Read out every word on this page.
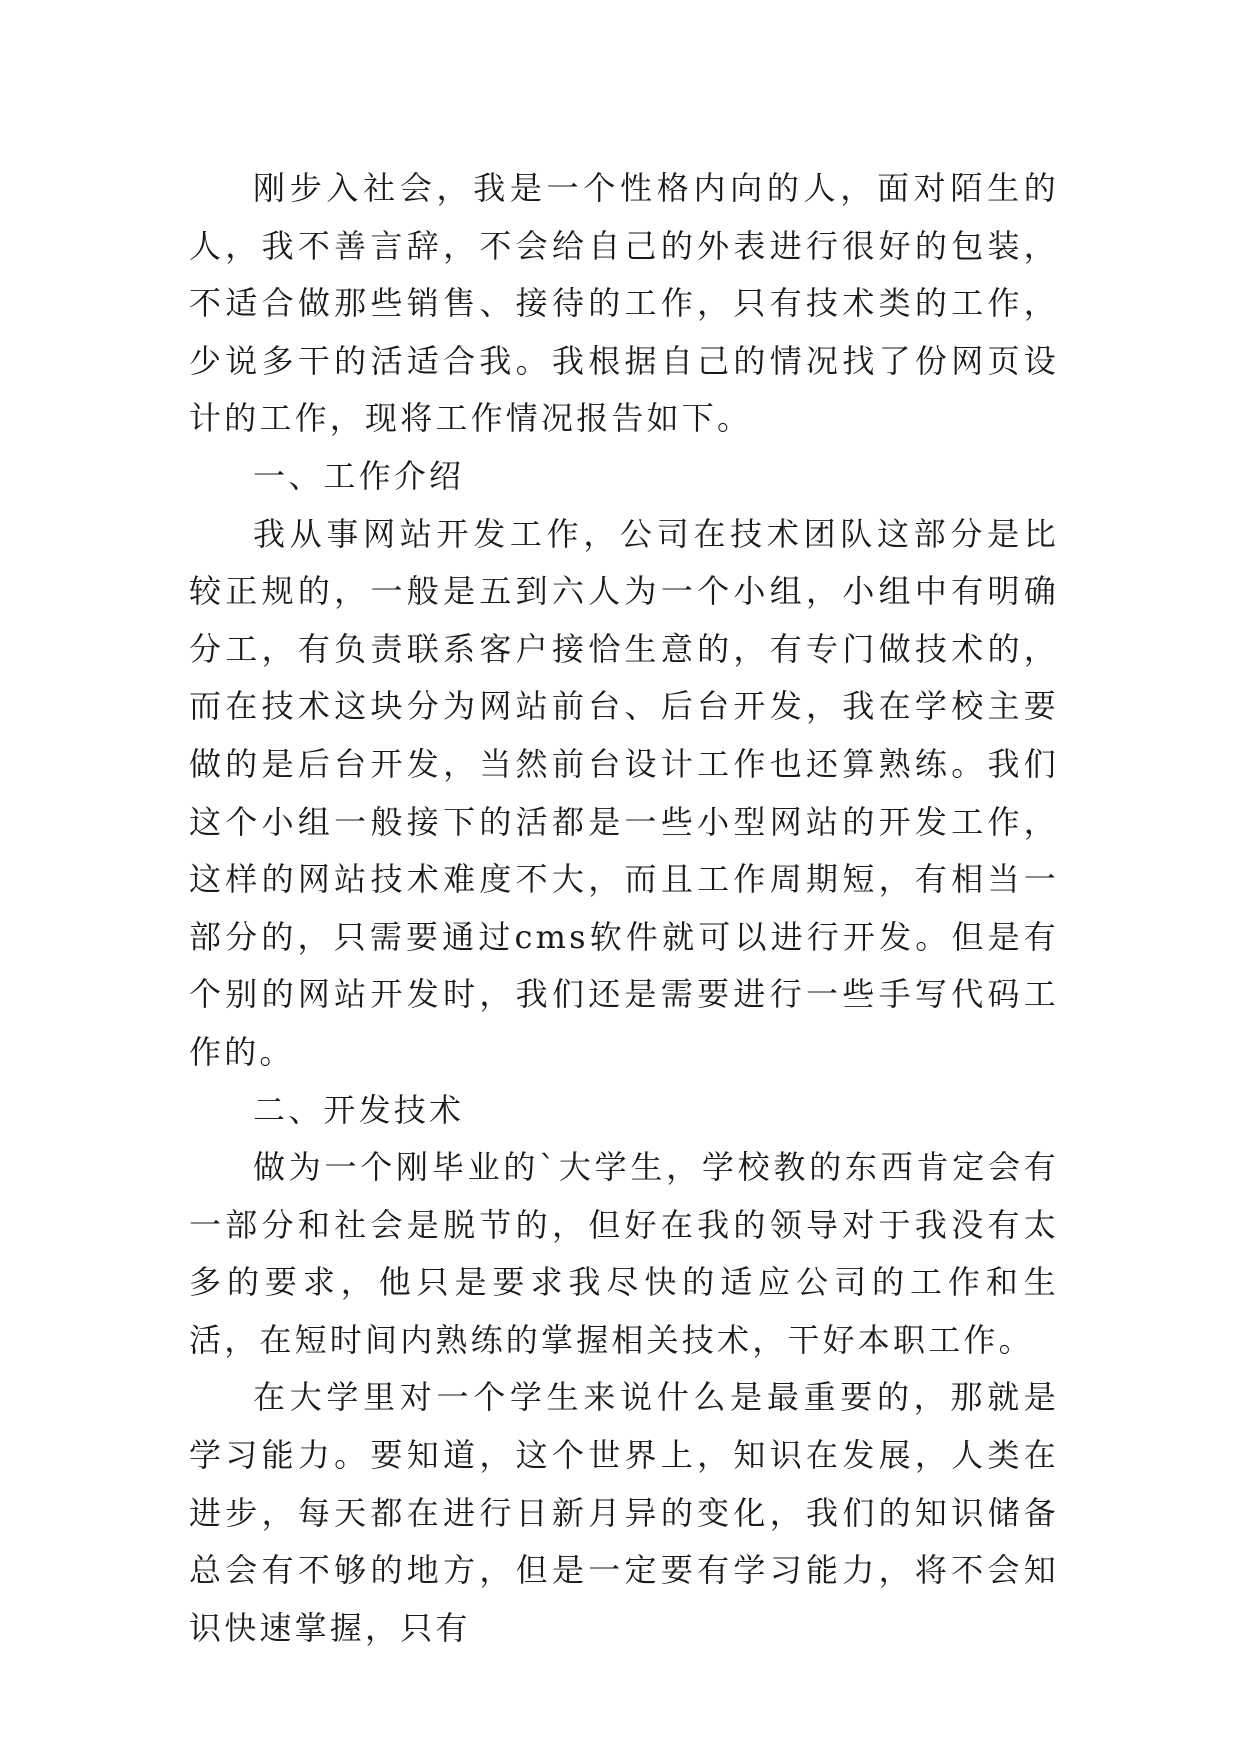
刚步入社会，我是一个性格内向的人，面对陌生的人，我不善言辞，不会给自己的外表进行很好的包装，不适合做那些销售、接待的工作，只有技术类的工作，少说多干的活适合我。我根据自己的情况找了份网页设计的工作，现将工作情况报告如下。

一、工作介绍

我从事网站开发工作，公司在技术团队这部分是比较正规的，一般是五到六人为一个小组，小组中有明确分工，有负责联系客户接恰生意的，有专门做技术的，而在技术这块分为网站前台、后台开发，我在学校主要做的是后台开发，当然前台设计工作也还算熟练。我们这个小组一般接下的活都是一些小型网站的开发工作，这样的网站技术难度不大，而且工作周期短，有相当一部分的，只需要通过cms软件就可以进行开发。但是有个别的网站开发时，我们还是需要进行一些手写代码工作的。

二、开发技术

做为一个刚毕业的`大学生，学校教的东西肯定会有一部分和社会是脱节的，但好在我的领导对于我没有太多的要求，他只是要求我尽快的适应公司的工作和生活，在短时间内熟练的掌握相关技术，干好本职工作。

在大学里对一个学生来说什么是最重要的，那就是学习能力。要知道，这个世界上，知识在发展，人类在进步，每天都在进行日新月异的变化，我们的知识储备总会有不够的地方，但是一定要有学习能力，将不会知识快速掌握，只有
